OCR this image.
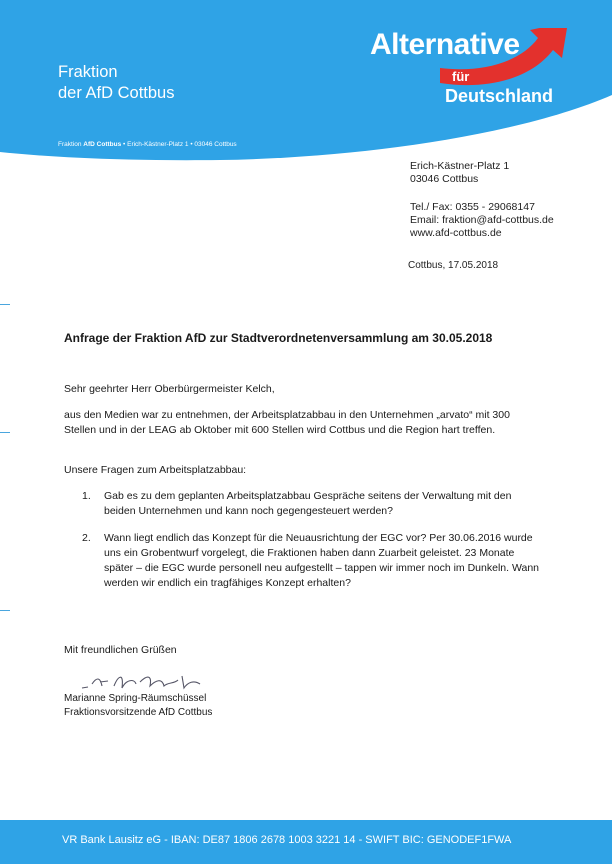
Fraktion
der AfD Cottbus
Fraktion AfD Cottbus • Erich-Kästner-Platz 1 • 03046 Cottbus
Alternative
für
Deutschland
Erich-Kästner-Platz 1
03046 Cottbus
Tel./ Fax: 0355 - 29068147
Email: fraktion@afd-cottbus.de
www.afd-cottbus.de
Cottbus, 17.05.2018
Anfrage der Fraktion AfD zur Stadtverordnetenversammlung am 30.05.2018
Sehr geehrter Herr Oberbürgermeister Kelch,
aus den Medien war zu entnehmen, der Arbeitsplatzabbau in den Unternehmen „arvato“ mit 300 Stellen und in der LEAG ab Oktober mit 600 Stellen wird Cottbus und die Region hart treffen.
Unsere Fragen zum Arbeitsplatzabbau:
1. Gab es zu dem geplanten Arbeitsplatzabbau Gespräche seitens der Verwaltung mit den beiden Unternehmen und kann noch gegengesteuert werden?
2. Wann liegt endlich das Konzept für die Neuausrichtung der EGC vor? Per 30.06.2016 wurde uns ein Grobentwurf vorgelegt, die Fraktionen haben dann Zuarbeit geleistet. 23 Monate später – die EGC wurde personell neu aufgestellt – tappen wir immer noch im Dunkeln. Wann werden wir endlich ein tragfähiges Konzept erhalten?
Mit freundlichen Grüßen
Marianne Spring-Räumschüssel
Fraktionsvorsitzende AfD Cottbus
VR Bank Lausitz eG - IBAN: DE87 1806 2678 1003 3221 14 - SWIFT BIC: GENODEF1FWA
